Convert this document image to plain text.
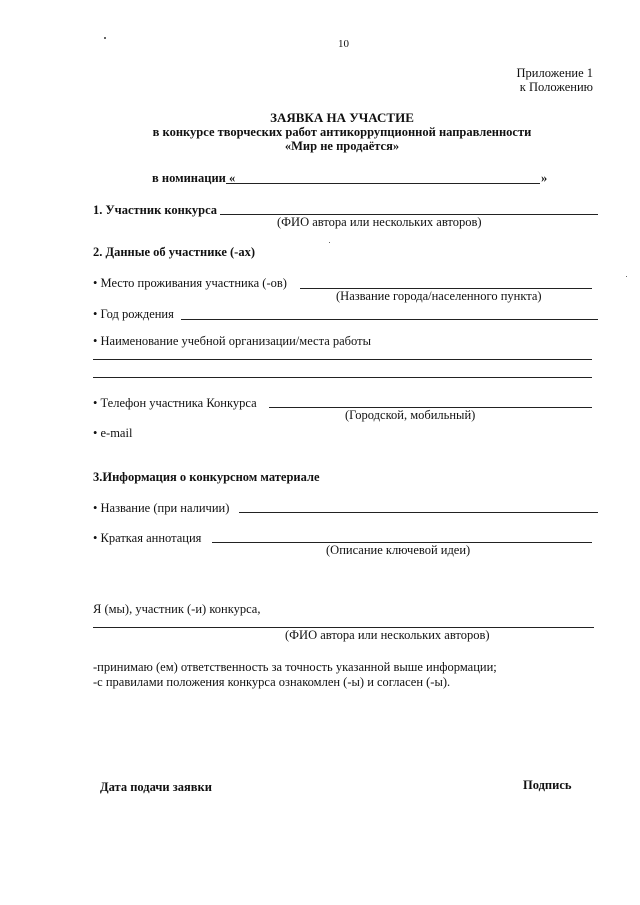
10
Приложение 1
к Положению
ЗАЯВКА НА УЧАСТИЕ
в конкурсе творческих работ антикоррупционной направленности
«Мир не продаётся»
в номинации «	»
1. Участник конкурса
(ФИО автора или нескольких авторов)
2. Данные об участнике (-ах)
• Место проживания участника (-ов)
(Название города/населенного пункта)
• Год рождения
• Наименование учебной организации/места работы
• Телефон участника Конкурса
(Городской, мобильный)
• e-mail
3.Информация о конкурсном материале
• Название (при наличии)
• Краткая аннотация
(Описание ключевой идеи)
Я (мы), участник (-и) конкурса,
(ФИО автора или нескольких авторов)
-принимаю (ем) ответственность за точность указанной выше информации;
-с правилами положения конкурса ознакомлен (-ы) и согласен (-ы).
Дата подачи заявки	Подпись
